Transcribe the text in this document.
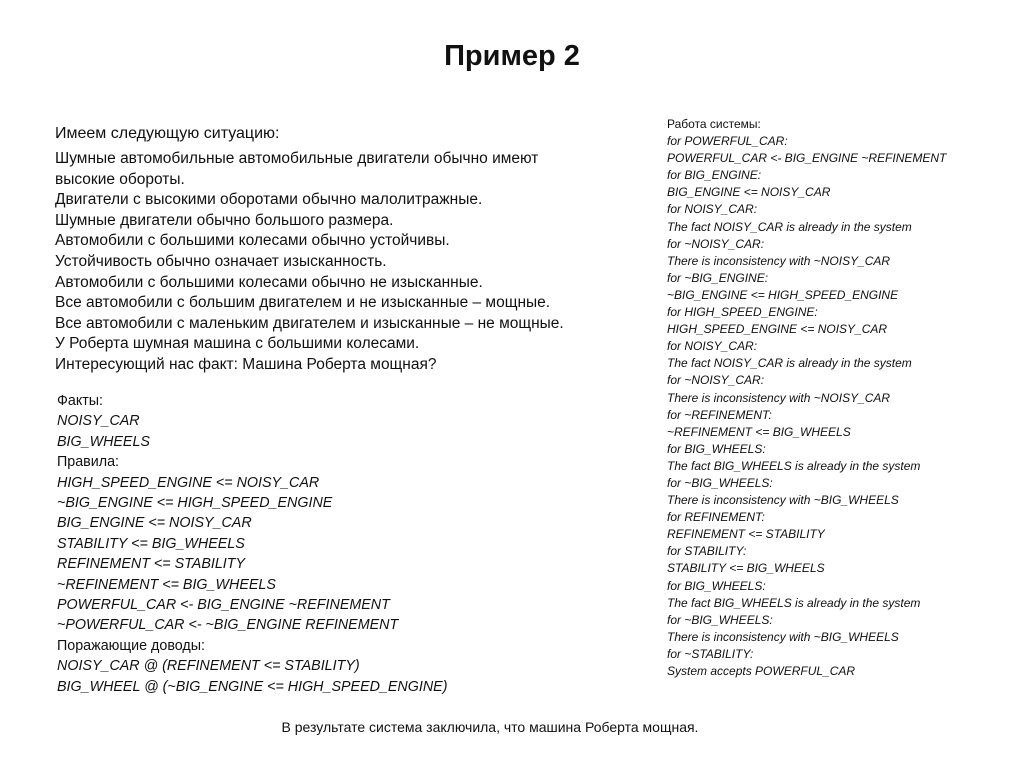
Пример 2

Имеем следующую ситуацию:

Шумные автомобильные автомобильные двигатели обычно имеют
высокие обороты.
Двигатели с высокими оборотами обычно малолитражные.
Шумные двигатели обычно большого размера.
Автомобили с большими колесами обычно устойчивы.
Устойчивость обычно означает изысканность.
Автомобили с большими колесами обычно не изысканные.
Все автомобили с большим двигателем и не изысканные – мощные.
Все автомобили с маленьким двигателем и изысканные – не мощные.
У Роберта шумная машина с большими колесами.
Интересующий нас факт: Машина Роберта мощная?
Факты:
NOISY_CAR
BIG_WHEELS
Правила:
HIGH_SPEED_ENGINE <= NOISY_CAR
~BIG_ENGINE <= HIGH_SPEED_ENGINE
BIG_ENGINE <= NOISY_CAR
STABILITY <= BIG_WHEELS
REFINEMENT <= STABILITY
~REFINEMENT <= BIG_WHEELS
POWERFUL_CAR <- BIG_ENGINE ~REFINEMENT
~POWERFUL_CAR <- ~BIG_ENGINE REFINEMENT
Поражающие доводы:
NOISY_CAR @ (REFINEMENT <= STABILITY)
BIG_WHEEL @ (~BIG_ENGINE <= HIGH_SPEED_ENGINE)
Работа системы:
for POWERFUL_CAR:
POWERFUL_CAR <- BIG_ENGINE ~REFINEMENT
for BIG_ENGINE:
BIG_ENGINE <= NOISY_CAR
for NOISY_CAR:
The fact NOISY_CAR is already in the system
for ~NOISY_CAR:
There is inconsistency with ~NOISY_CAR
for ~BIG_ENGINE:
~BIG_ENGINE <= HIGH_SPEED_ENGINE
for HIGH_SPEED_ENGINE:
HIGH_SPEED_ENGINE <= NOISY_CAR
for NOISY_CAR:
The fact NOISY_CAR is already in the system
for ~NOISY_CAR:
There is inconsistency with ~NOISY_CAR
for ~REFINEMENT:
~REFINEMENT <= BIG_WHEELS
for BIG_WHEELS:
The fact BIG_WHEELS is already in the system
for ~BIG_WHEELS:
There is inconsistency with ~BIG_WHEELS
for REFINEMENT:
REFINEMENT <= STABILITY
for STABILITY:
STABILITY <= BIG_WHEELS
for BIG_WHEELS:
The fact BIG_WHEELS is already in the system
for ~BIG_WHEELS:
There is inconsistency with ~BIG_WHEELS
for ~STABILITY:
System accepts POWERFUL_CAR
В результате система заключила, что машина Роберта мощная.
